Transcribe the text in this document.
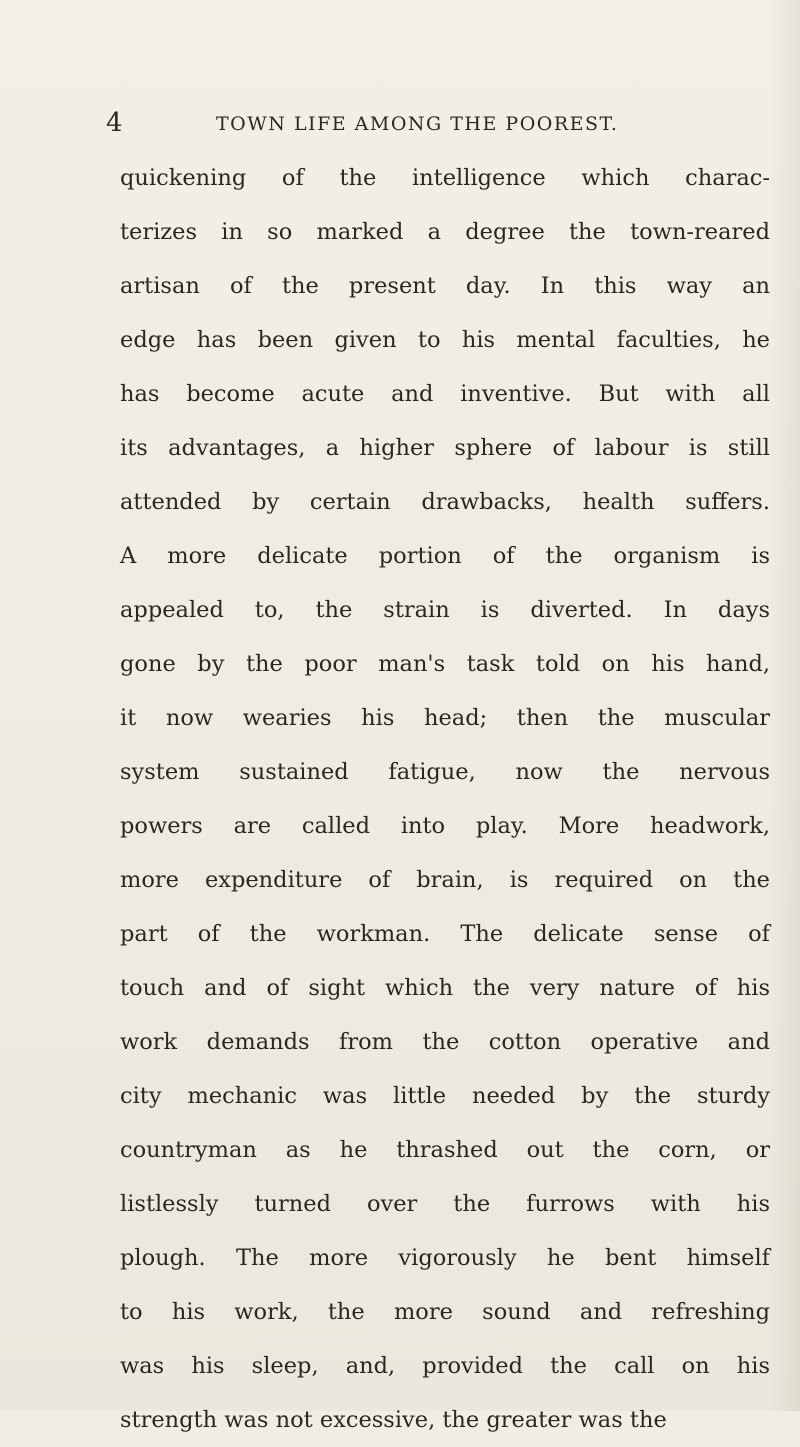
4	TOWN LIFE AMONG THE POOREST.
quickening of the intelligence which charac-
terizes in so marked a degree the town-reared
artisan of the present day. In this way an
edge has been given to his mental faculties, he
has become acute and inventive. But with all
its advantages, a higher sphere of labour is still
attended by certain drawbacks, health suffers.
A more delicate portion of the organism is
appealed to, the strain is diverted. In days
gone by the poor man's task told on his hand,
it now wearies his head; then the muscular
system sustained fatigue, now the nervous
powers are called into play. More headwork,
more expenditure of brain, is required on the
part of the workman. The delicate sense of
touch and of sight which the very nature of his
work demands from the cotton operative and
city mechanic was little needed by the sturdy
countryman as he thrashed out the corn, or
listlessly turned over the furrows with his
plough. The more vigorously he bent himself
to his work, the more sound and refreshing
was his sleep, and, provided the call on his
strength was not excessive, the greater was the
